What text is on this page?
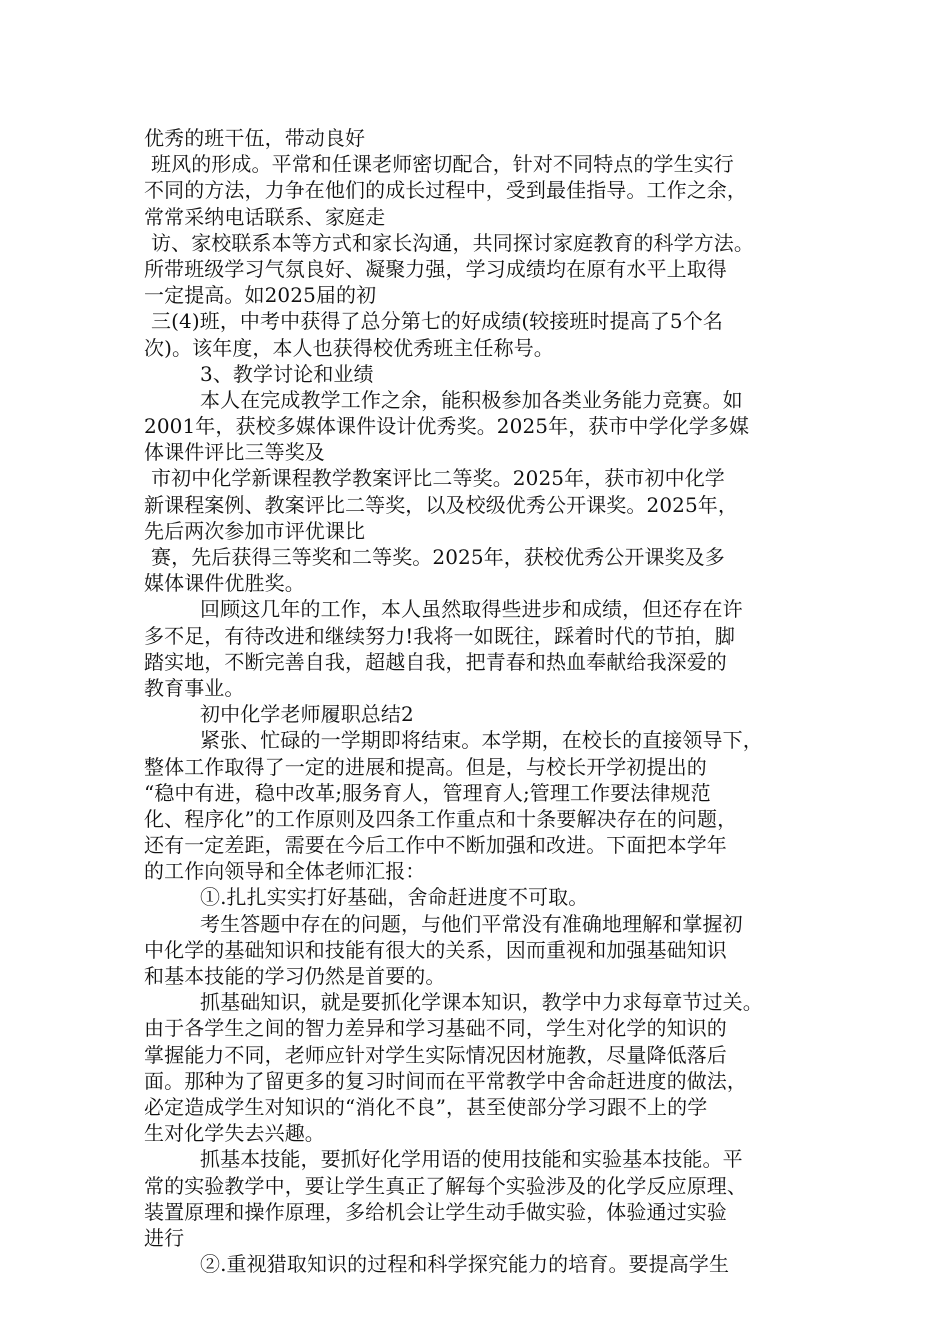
优秀的班干伍，带动良好
班风的形成。平常和任课老师密切配合，针对不同特点的学生实行
不同的方法，力争在他们的成长过程中，受到最佳指导。工作之余，
常常采纳电话联系、家庭走
访、家校联系本等方式和家长沟通，共同探讨家庭教育的科学方法。
所带班级学习气氛良好、凝聚力强，学习成绩均在原有水平上取得
一定提高。如2025届的初
三(4)班，中考中获得了总分第七的好成绩(较接班时提高了5个名
次)。该年度，本人也获得校优秀班主任称号。
3、教学讨论和业绩
本人在完成教学工作之余，能积极参加各类业务能力竞赛。如
2001年，获校多媒体课件设计优秀奖。2025年，获市中学化学多媒
体课件评比三等奖及
市初中化学新课程教学教案评比二等奖。2025年，获市初中化学
新课程案例、教案评比二等奖，以及校级优秀公开课奖。2025年，
先后两次参加市评优课比
赛，先后获得三等奖和二等奖。2025年，获校优秀公开课奖及多
媒体课件优胜奖。
回顾这几年的工作，本人虽然取得些进步和成绩，但还存在许
多不足，有待改进和继续努力!我将一如既往，踩着时代的节拍，脚
踏实地，不断完善自我，超越自我，把青春和热血奉献给我深爱的
教育事业。
初中化学老师履职总结2
紧张、忙碌的一学期即将结束。本学期，在校长的直接领导下，
整体工作取得了一定的进展和提高。但是，与校长开学初提出的
“稳中有进，稳中改革;服务育人，管理育人;管理工作要法律规范
化、程序化”的工作原则及四条工作重点和十条要解决存在的问题，
还有一定差距，需要在今后工作中不断加强和改进。下面把本学年
的工作向领导和全体老师汇报：
①.扎扎实实打好基础，舍命赶进度不可取。
考生答题中存在的问题，与他们平常没有准确地理解和掌握初
中化学的基础知识和技能有很大的关系，因而重视和加强基础知识
和基本技能的学习仍然是首要的。
抓基础知识，就是要抓化学课本知识，教学中力求每章节过关。
由于各学生之间的智力差异和学习基础不同，学生对化学的知识的
掌握能力不同，老师应针对学生实际情况因材施教，尽量降低落后
面。那种为了留更多的复习时间而在平常教学中舍命赶进度的做法，
必定造成学生对知识的“消化不良”，甚至使部分学习跟不上的学
生对化学失去兴趣。
抓基本技能，要抓好化学用语的使用技能和实验基本技能。平
常的实验教学中，要让学生真正了解每个实验涉及的化学反应原理、
装置原理和操作原理，多给机会让学生动手做实验，体验通过实验
进行
②.重视猎取知识的过程和科学探究能力的培育。要提高学生
